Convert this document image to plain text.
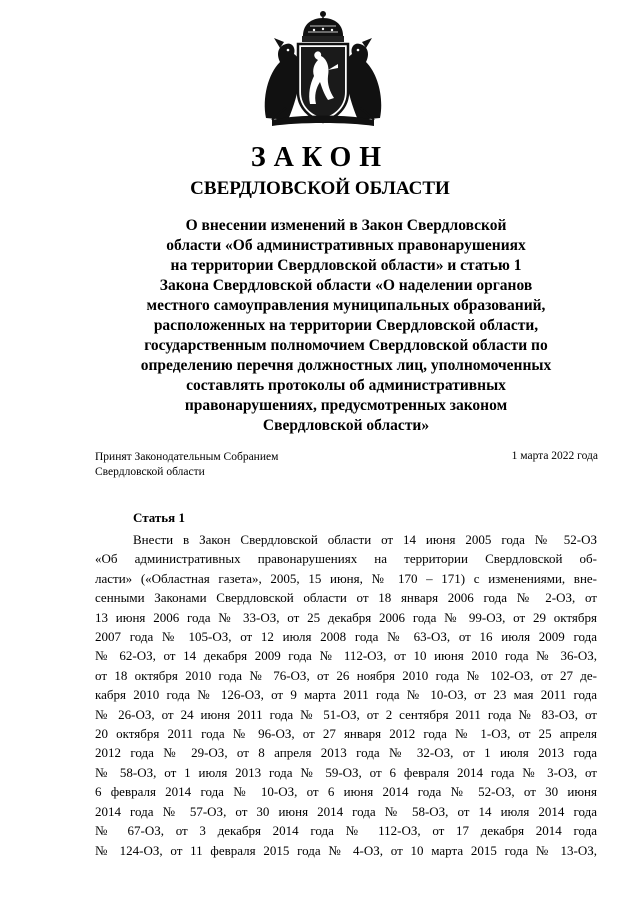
ЗАКОН
СВЕРДЛОВСКОЙ ОБЛАСТИ
О внесении изменений в Закон Свердловской
области «Об административных правонарушениях
на территории Свердловской области» и статью 1
Закона Свердловской области «О наделении органов
местного самоуправления муниципальных образований,
расположенных на территории Свердловской области,
государственным полномочием Свердловской области по
определению перечня должностных лиц, уполномоченных
составлять протоколы об административных
правонарушениях, предусмотренных законом
Свердловской области»
Принят Законодательным Собранием
Свердловской области
1 марта 2022 года
Статья 1
Внести в Закон Свердловской области от 14 июня 2005 года № 52-ОЗ
«Об административных правонарушениях на территории Свердловской об-
ласти» («Областная газета», 2005, 15 июня, № 170 – 171) с изменениями, вне-
сенными Законами Свердловской области от 18 января 2006 года № 2-ОЗ, от
13 июня 2006 года № 33-ОЗ, от 25 декабря 2006 года № 99-ОЗ, от 29 октября
2007 года № 105-ОЗ, от 12 июля 2008 года № 63-ОЗ, от 16 июля 2009 года
№ 62-ОЗ, от 14 декабря 2009 года № 112-ОЗ, от 10 июня 2010 года № 36-ОЗ,
от 18 октября 2010 года № 76-ОЗ, от 26 ноября 2010 года № 102-ОЗ, от 27 де-
кабря 2010 года № 126-ОЗ, от 9 марта 2011 года № 10-ОЗ, от 23 мая 2011 года
№ 26-ОЗ, от 24 июня 2011 года № 51-ОЗ, от 2 сентября 2011 года № 83-ОЗ, от
20 октября 2011 года № 96-ОЗ, от 27 января 2012 года № 1-ОЗ, от 25 апреля
2012 года № 29-ОЗ, от 8 апреля 2013 года № 32-ОЗ, от 1 июля 2013 года
№ 58-ОЗ, от 1 июля 2013 года № 59-ОЗ, от 6 февраля 2014 года № 3-ОЗ, от
6 февраля 2014 года № 10-ОЗ, от 6 июня 2014 года № 52-ОЗ, от 30 июня
2014 года № 57-ОЗ, от 30 июня 2014 года № 58-ОЗ, от 14 июля 2014 года
№ 67-ОЗ, от 3 декабря 2014 года № 112-ОЗ, от 17 декабря 2014 года
№ 124-ОЗ, от 11 февраля 2015 года № 4-ОЗ, от 10 марта 2015 года № 13-ОЗ,
